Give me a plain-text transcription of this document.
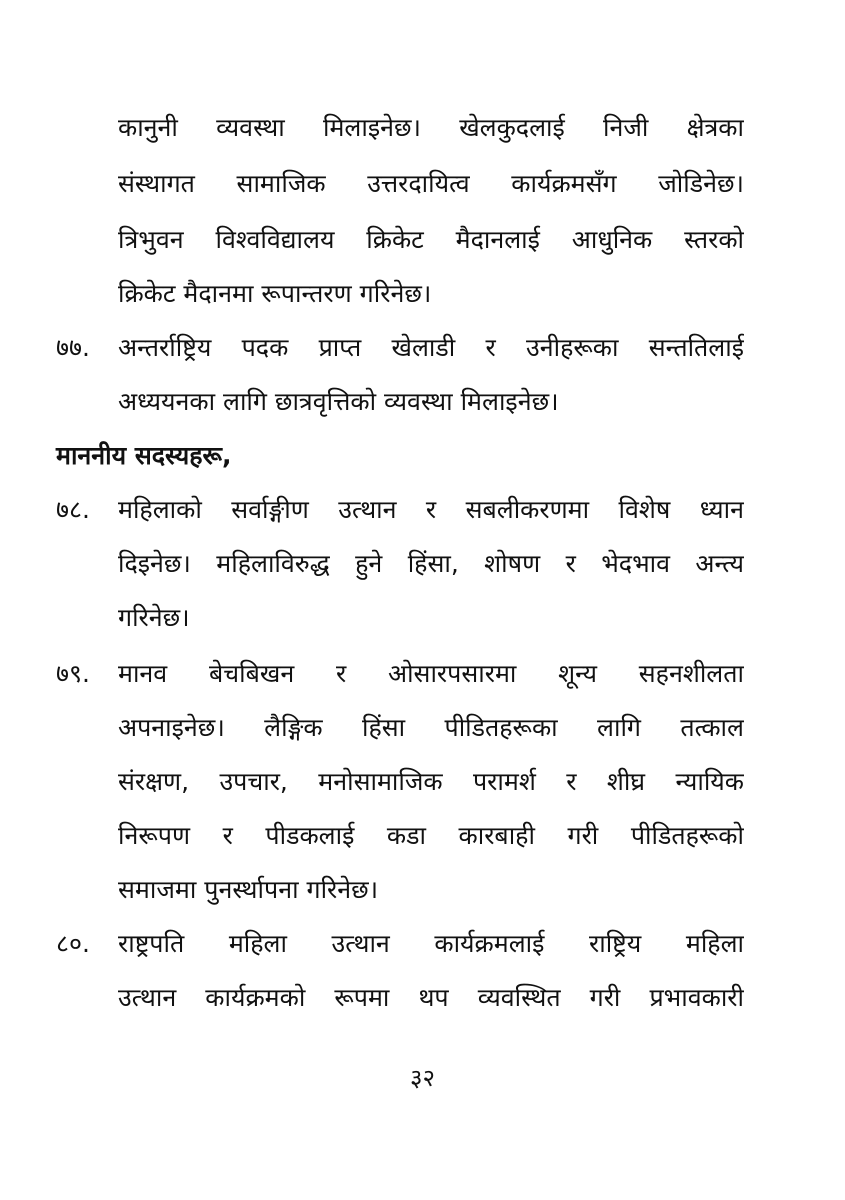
कानुनी व्यवस्था मिलाइनेछ। खेलकुदलाई निजी क्षेत्रका
संस्थागत सामाजिक उत्तरदायित्व कार्यक्रमसँग जोडिनेछ।
त्रिभुवन विश्वविद्यालय क्रिकेट मैदानलाई आधुनिक स्तरको
क्रिकेट मैदानमा रूपान्तरण गरिनेछ।
७७.	अन्तर्राष्ट्रिय पदक प्राप्त खेलाडी र उनीहरूका सन्ततिलाई
अध्ययनका लागि छात्रवृत्तिको व्यवस्था मिलाइनेछ।
माननीय सदस्यहरू,
७८.	महिलाको सर्वाङ्गीण उत्थान र सबलीकरणमा विशेष ध्यान
दिइनेछ। महिलाविरुद्ध हुने हिंसा, शोषण र भेदभाव अन्त्य
गरिनेछ।
७९.	मानव बेचबिखन र ओसारपसारमा शून्य सहनशीलता
अपनाइनेछ। लैङ्गिक हिंसा पीडितहरूका लागि तत्काल
संरक्षण, उपचार, मनोसामाजिक परामर्श र शीघ्र न्यायिक
निरूपण र पीडकलाई कडा कारबाही गरी पीडितहरूको
समाजमा पुनर्स्थापना गरिनेछ।
८०.	राष्ट्रपति महिला उत्थान कार्यक्रमलाई राष्ट्रिय महिला
उत्थान कार्यक्रमको रूपमा थप व्यवस्थित गरी प्रभावकारी
३२
